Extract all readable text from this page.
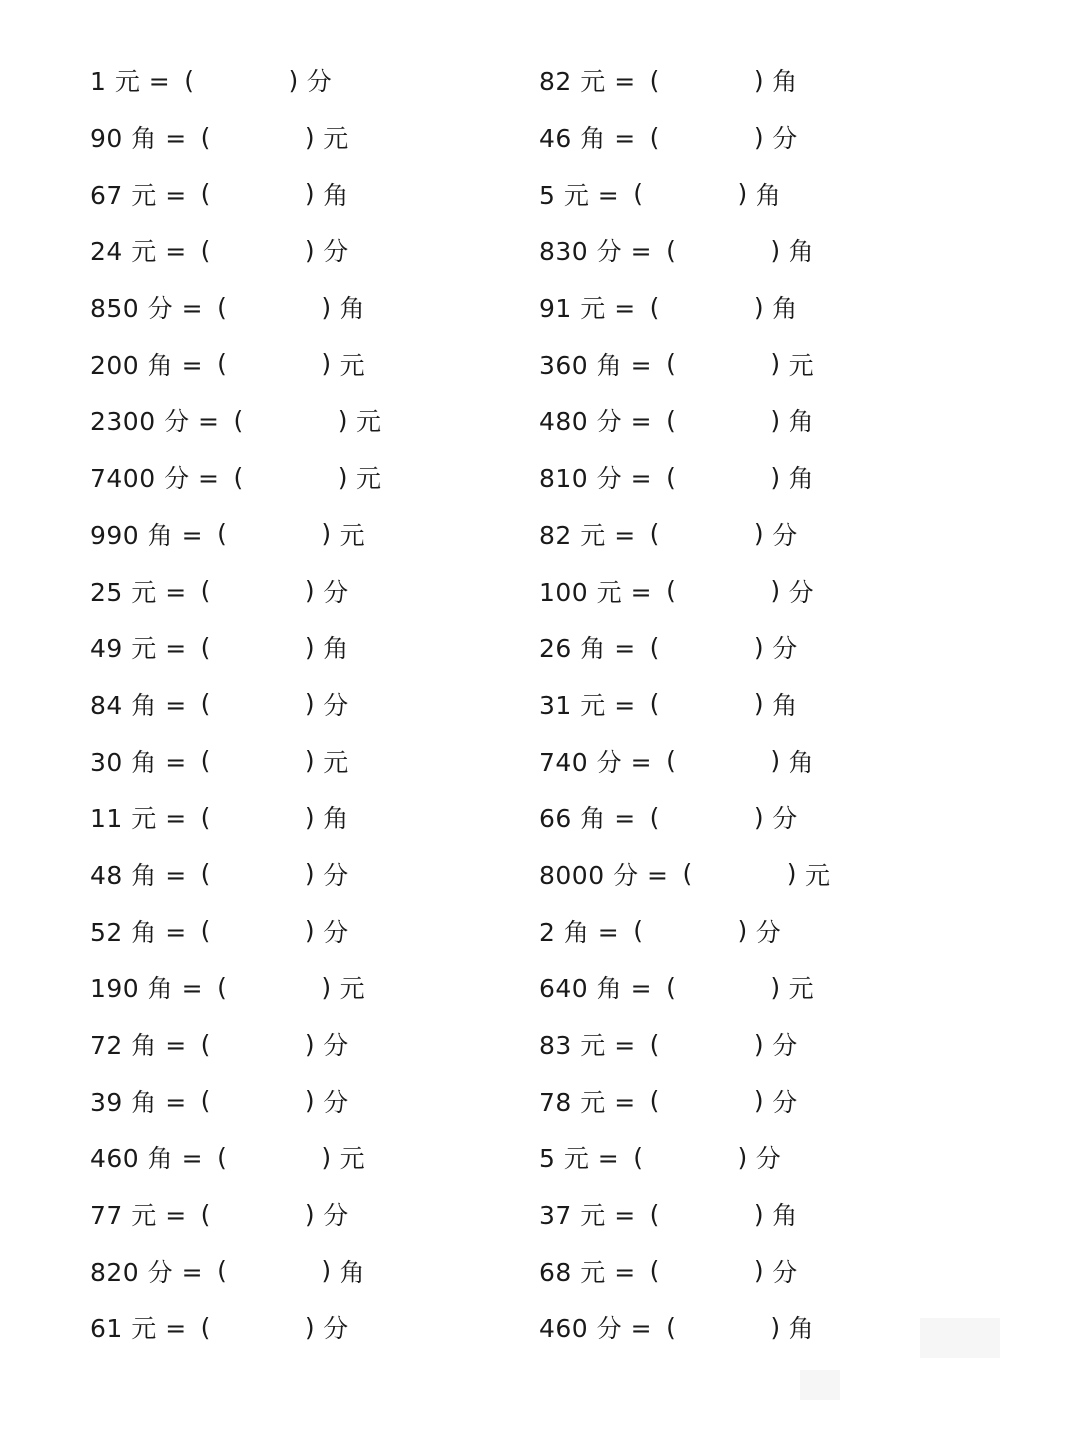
1 元 = (	) 分
90 角 = (	) 元
67 元 = (	) 角
24 元 = (	) 分
850 分 = (	) 角
200 角 = (	) 元
2300 分 = (	) 元
7400 分 = (	) 元
990 角 = (	) 元
25 元 = (	) 分
49 元 = (	) 角
84 角 = (	) 分
30 角 = (	) 元
11 元 = (	) 角
48 角 = (	) 分
52 角 = (	) 分
190 角 = (	) 元
72 角 = (	) 分
39 角 = (	) 分
460 角 = (	) 元
77 元 = (	) 分
820 分 = (	) 角
61 元 = (	) 分
82 元 = (	) 角
46 角 = (	) 分
5 元 = (	) 角
830 分 = (	) 角
91 元 = (	) 角
360 角 = (	) 元
480 分 = (	) 角
810 分 = (	) 角
82 元 = (	) 分
100 元 = (	) 分
26 角 = (	) 分
31 元 = (	) 角
740 分 = (	) 角
66 角 = (	) 分
8000 分 = (	) 元
2 角 = (	) 分
640 角 = (	) 元
83 元 = (	) 分
78 元 = (	) 分
5 元 = (	) 分
37 元 = (	) 角
68 元 = (	) 分
460 分 = (	) 角
